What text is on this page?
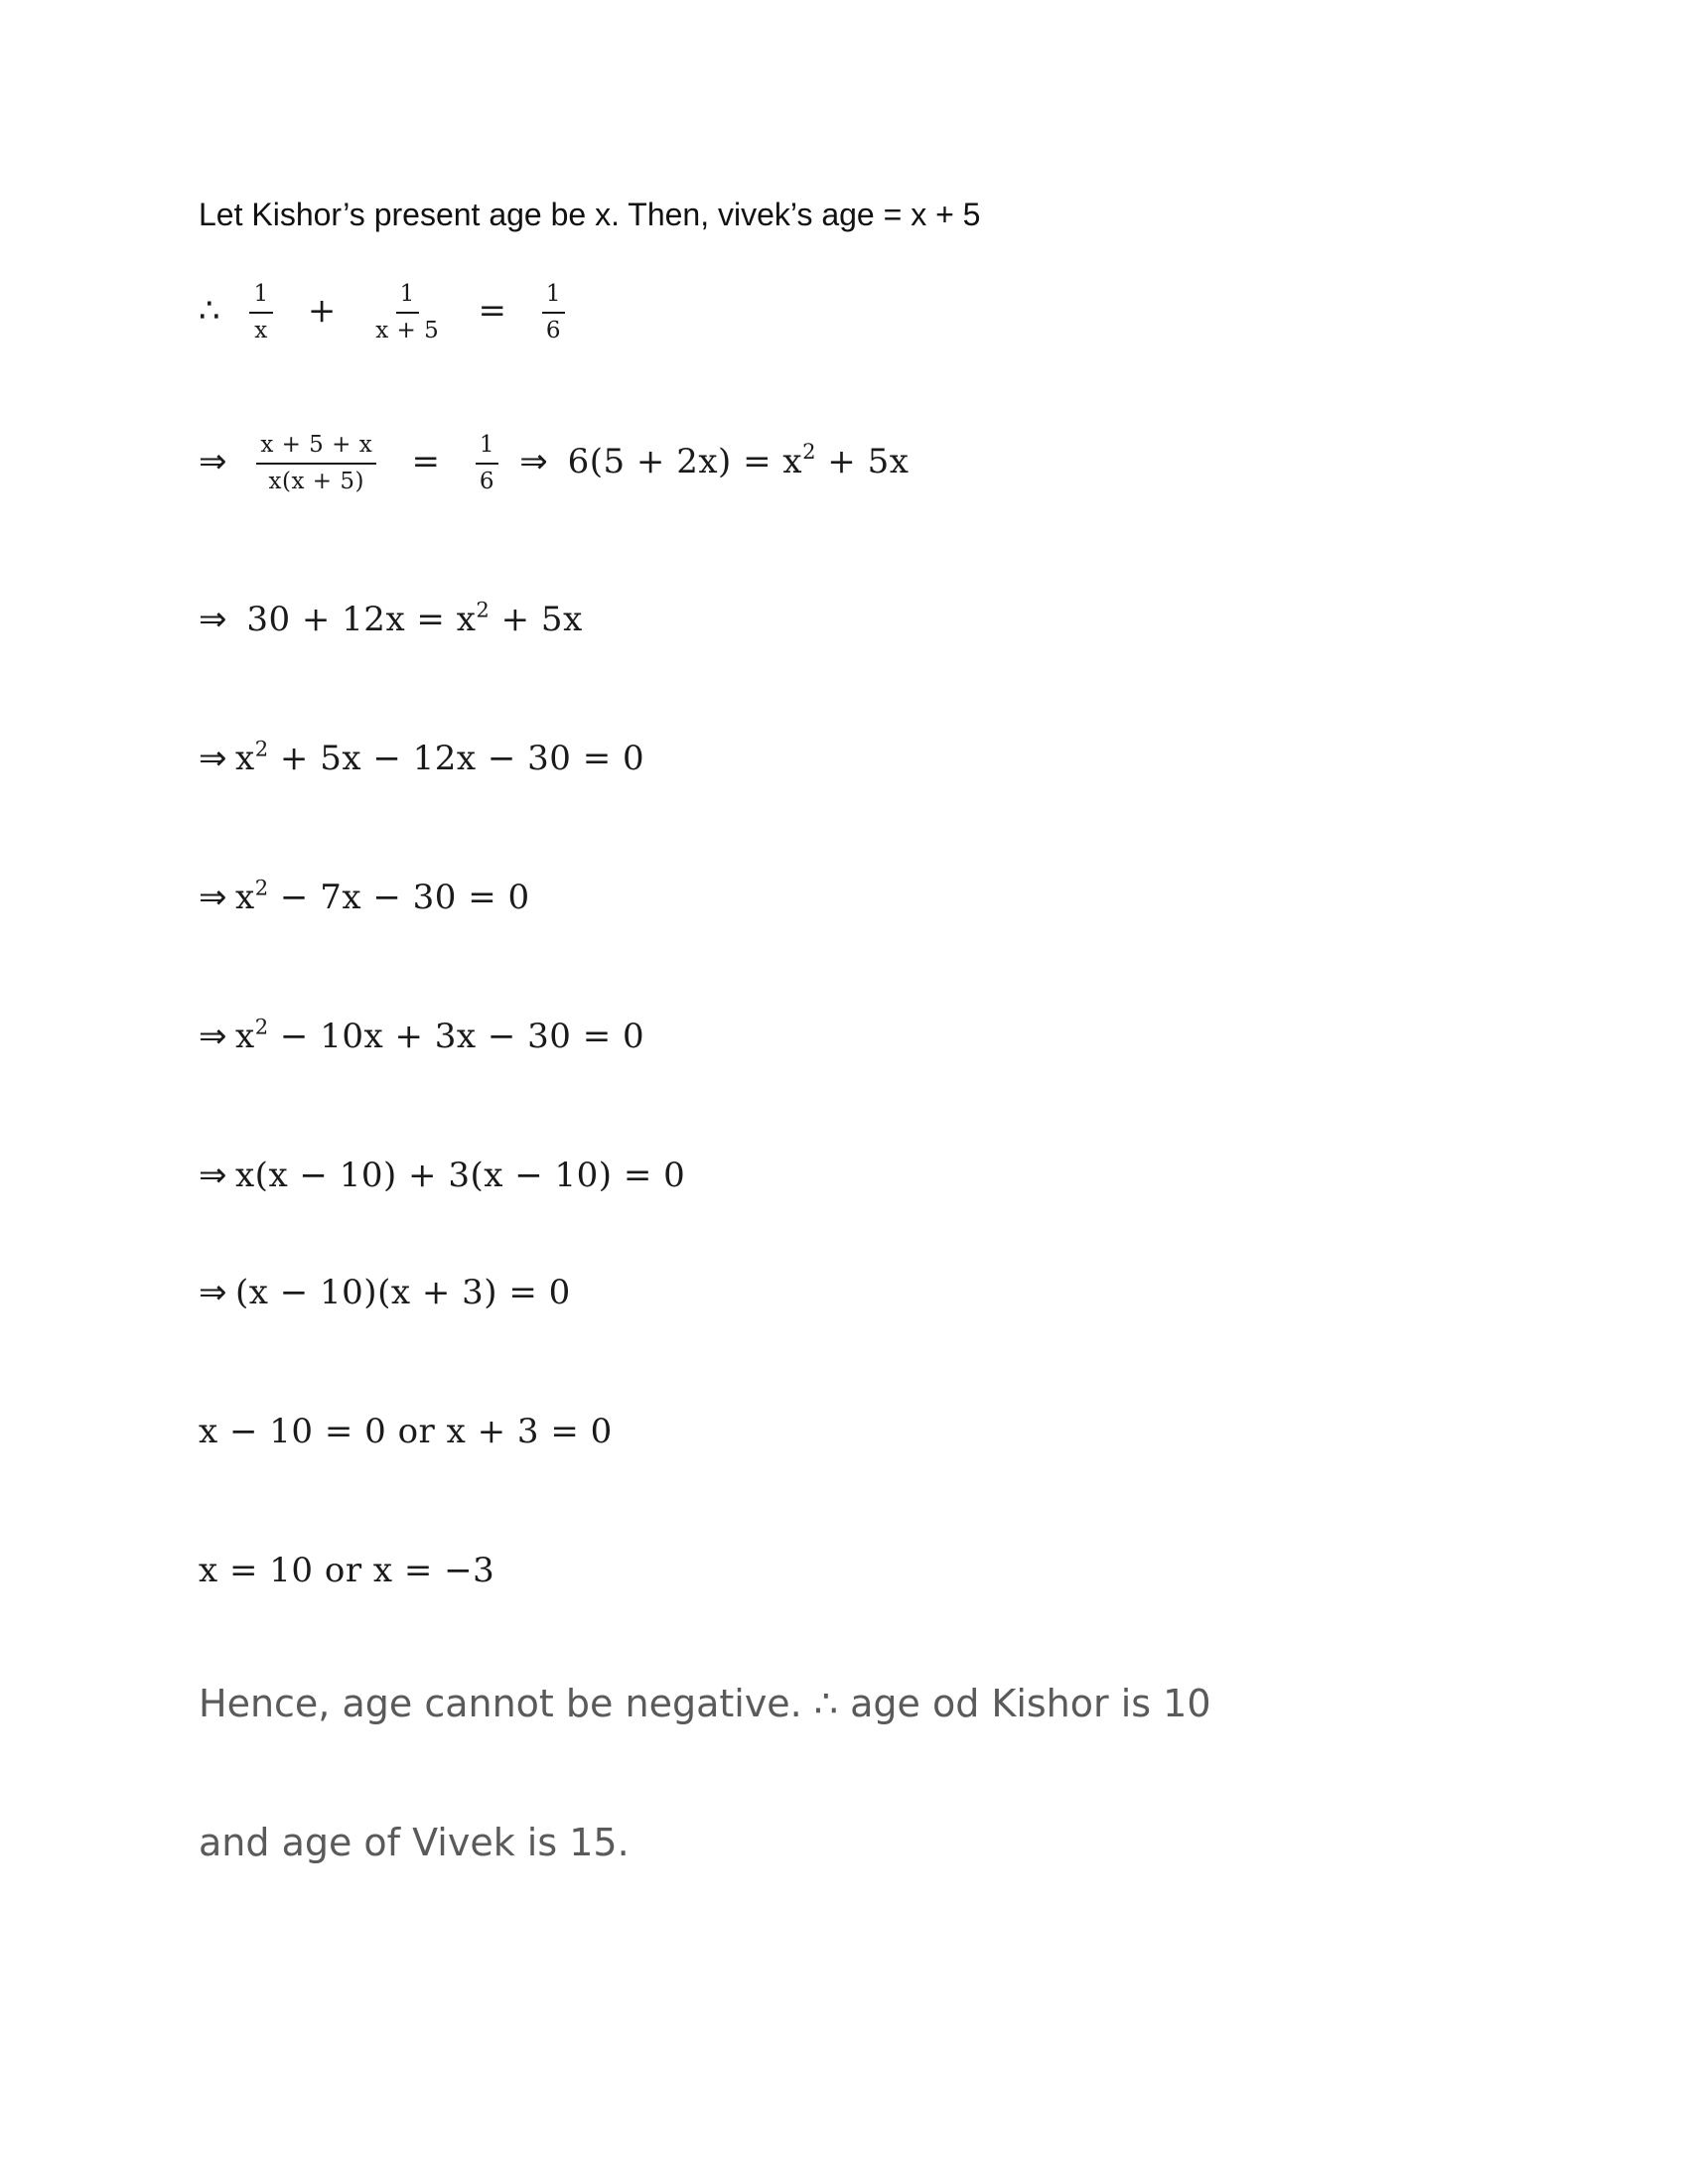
Let Kishor’s present age be x. Then, vivek’s age = x + 5
∴ $\frac{1}{x} + \frac{1}{x + 5} = \frac{1}{6}$
⇒ $\frac{x + 5 + x}{x(x + 5)} = \frac{1}{6}$ ⇒ $6(5 + 2x) = x^2 + 5x$
⇒ $30 + 12x = x^2 + 5x$
⇒ $x^2 + 5x - 12x - 30 = 0$
⇒ $x^2 - 7x - 30 = 0$
⇒ $x^2 - 10x + 3x - 30 = 0$
⇒ x(x − 10) + 3(x − 10) = 0
⇒ (x − 10)(x + 3) = 0
x − 10 = 0 or x + 3 = 0
x = 10 or x = −3
Hence, age cannot be negative. ∴ age od Kishor is 10
and age of Vivek is 15.
